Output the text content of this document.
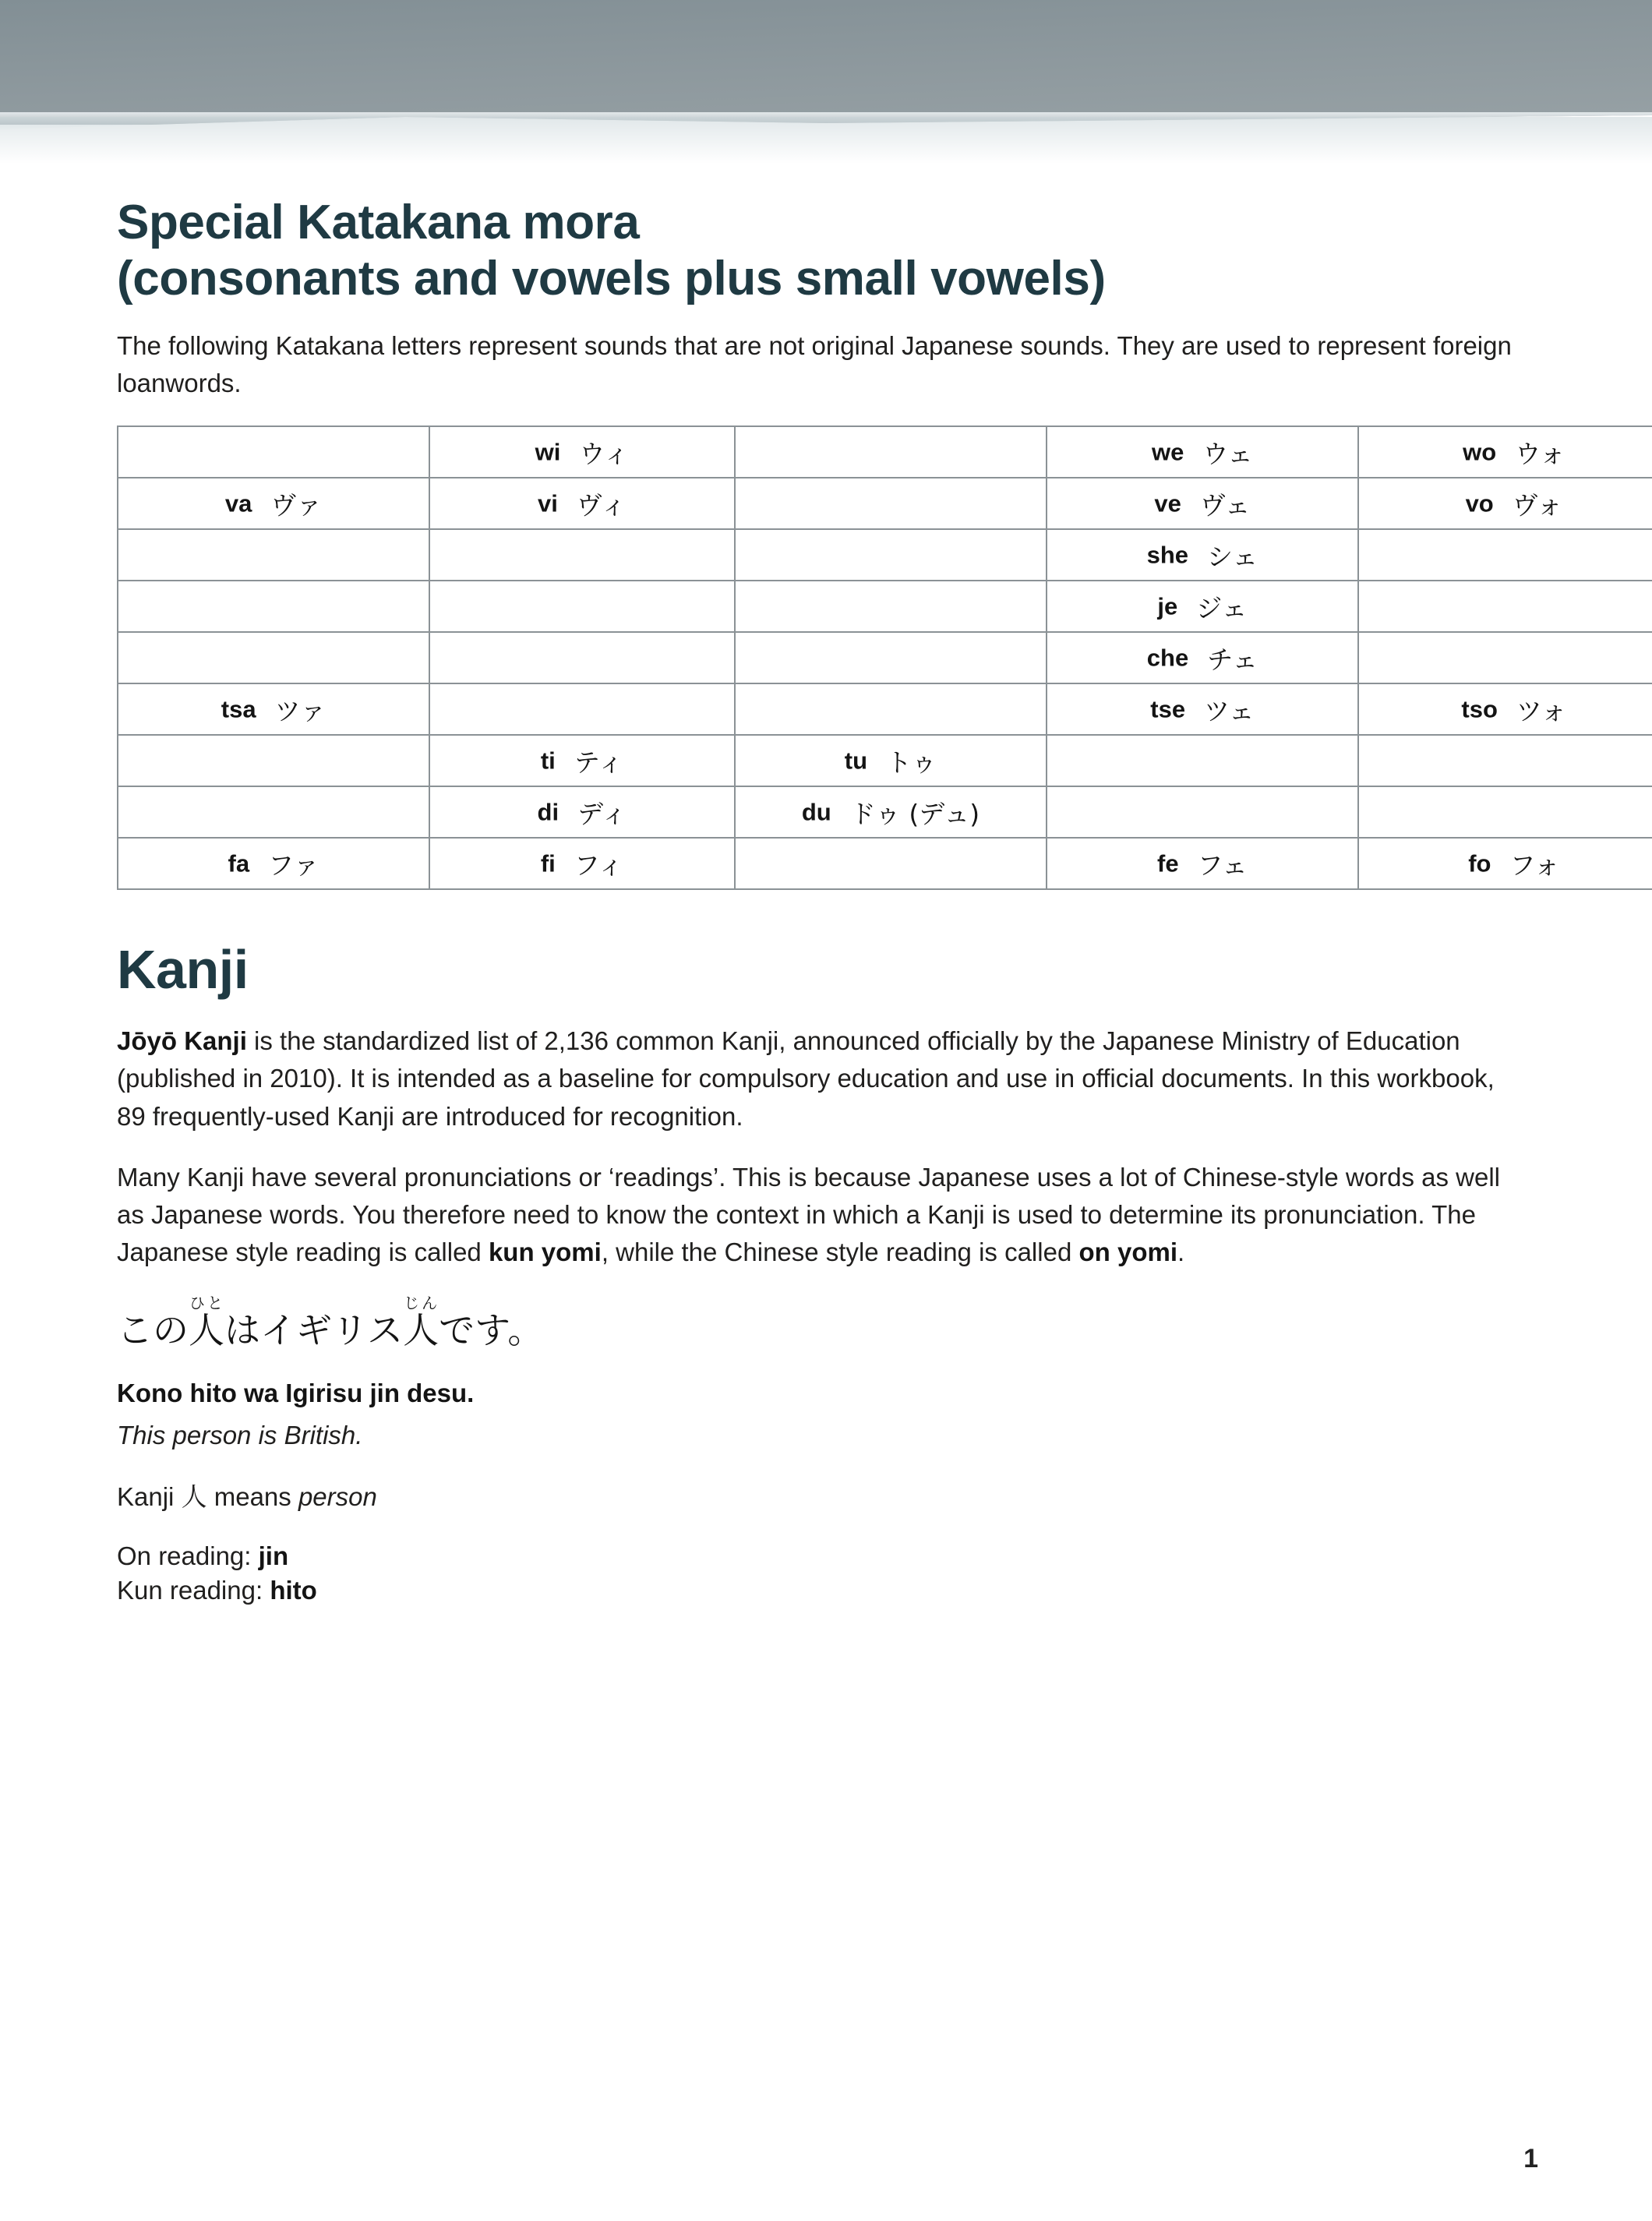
Special Katakana mora
(consonants and vowels plus small vowels)

The following Katakana letters represent sounds that are not original Japanese sounds. They are used to represent foreign loanwords.

	wi ウィ		we ウェ	wo ウォ
va ヴァ	vi ヴィ		ve ヴェ	vo ヴォ
			she シェ	
			je ジェ	
			che チェ	
tsa ツァ			tse ツェ	tso ツォ
	ti ティ	tu トゥ		
	di ディ	du ドゥ (デュ)		
fa ファ	fi フィ		fe フェ	fo フォ
Kanji

Jōyō Kanji is the standardized list of 2,136 common Kanji, announced officially by the Japanese Ministry of Education (published in 2010). It is intended as a baseline for compulsory education and use in official documents. In this workbook, 89 frequently-used Kanji are introduced for recognition.

Many Kanji have several pronunciations or ‘readings’. This is because Japanese uses a lot of Chinese-style words as well as Japanese words. You therefore need to know the context in which a Kanji is used to determine its pronunciation. The Japanese style reading is called kun yomi, while the Chinese style reading is called on yomi.

この人ひとはイギリス人じんです。

Kono hito wa Igirisu jin desu.

This person is British.

Kanji 人 means person

On reading: jin

Kun reading: hito

1
